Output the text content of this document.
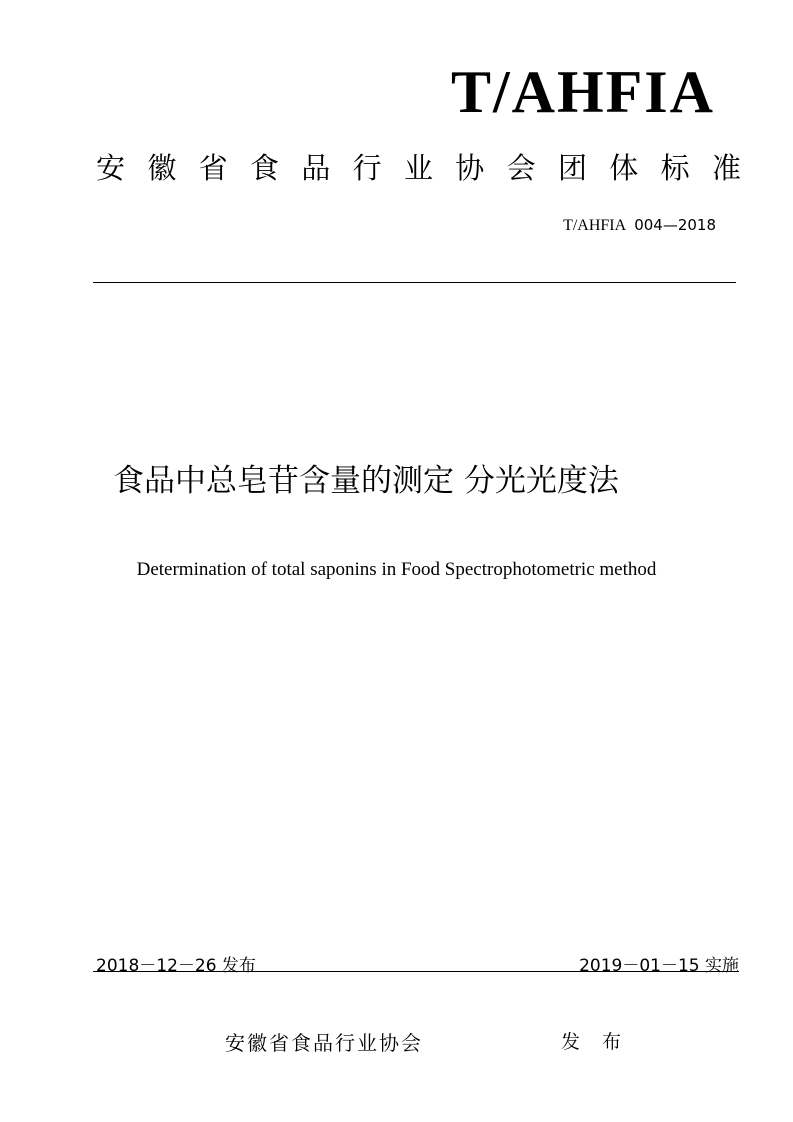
T/AHFIA
安 徽 省 食 品 行 业 协 会 团 体 标 准
T/AHFIA 004—2018
食品中总皂苷含量的测定 分光光度法
Determination of total saponins in Food Spectrophotometric method
2018－12－26 发布	2019－01－15 实施
安徽省食品行业协会	发 布
